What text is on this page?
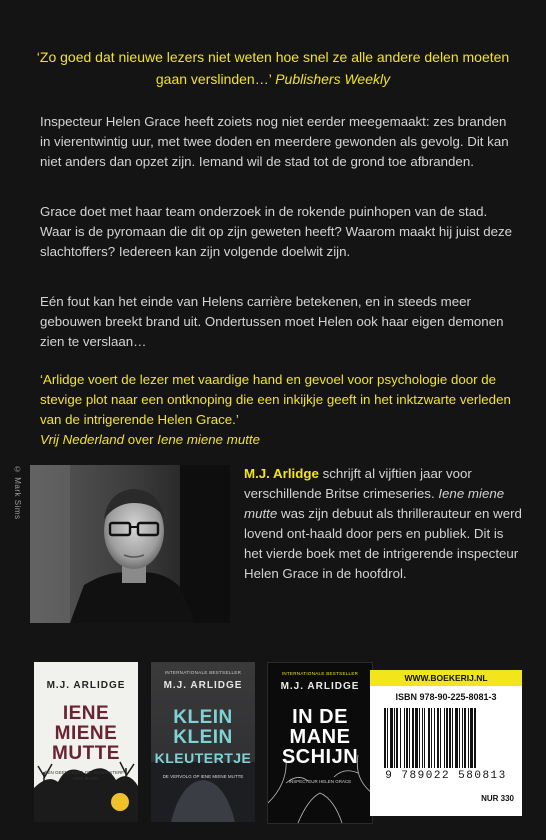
‘Zo goed dat nieuwe lezers niet weten hoe snel ze alle andere delen moeten gaan verslinden…’ Publishers Weekly
Inspecteur Helen Grace heeft zoiets nog niet eerder meegemaakt: zes branden in vierentwintig uur, met twee doden en meerdere gewonden als gevolg. Dit kan niet anders dan opzet zijn. Iemand wil de stad tot de grond toe afbranden.
Grace doet met haar team onderzoek in de rokende puinhopen van de stad. Waar is de pyromaan die dit op zijn geweten heeft? Waarom maakt hij juist deze slachtoffers? Iedereen kan zijn volgende doelwit zijn.
Eén fout kan het einde van Helens carrière betekenen, en in steeds meer gebouwen breekt brand uit. Ondertussen moet Helen ook haar eigen demonen zien te verslaan…
‘Arlidge voert de lezer met vaardige hand en gevoel voor psychologie door de stevige plot naar een ontknoping die een inkijkje geeft in het inktzwarte verleden van de intrigerende Helen Grace.’
Vrij Nederland over Iene miene mutte
© Mark Sims	M.J. Arlidge schrijft al vijftien jaar voor verschillende Britse crimeseries. Iene miene mutte was zijn debuut als thrillerauteur en werd lovend ont-haald door pers en publiek. Dit is het vierde boek met de intrigerende inspecteur Helen Grace in de hoofdrol.
M.J. ARLIDGE
IENE
MIENE
MUTTE
ÉÉN GEEN LEEFT, DE ANDER STERFT. KIES MAAR.
INTERNATIONALE BESTSELLER
M.J. ARLIDGE
KLEIN
KLEIN
KLEUTERTJE
DE VERVOLG OP IENE MIENE MUTTE
INTERNATIONALE BESTSELLER
M.J. ARLIDGE
IN DE
MANE
SCHIJN
INSPECTEUR HELEN GRACE
WWW.BOEKERIJ.NL
ISBN 978-90-225-8081-3
9 789022 580813
NUR 330
